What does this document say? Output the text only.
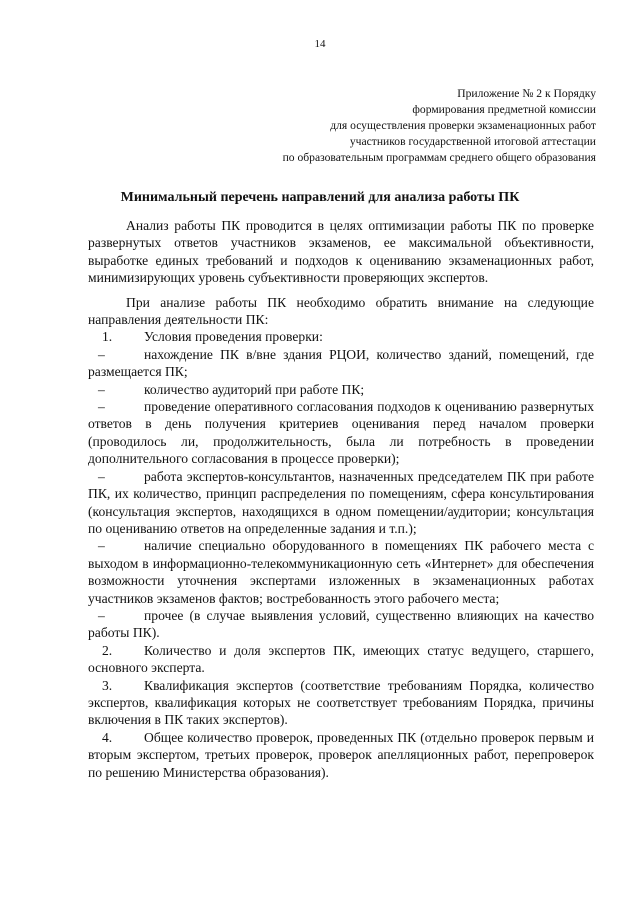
14
Приложение № 2 к Порядку
формирования предметной комиссии
для осуществления проверки экзаменационных работ
участников государственной итоговой аттестации
по образовательным программам среднего общего образования
Минимальный перечень направлений для анализа работы ПК

Анализ работы ПК проводится в целях оптимизации работы ПК по проверке развернутых ответов участников экзаменов, ее максимальной объективности, выработке единых требований и подходов к оцениванию экзаменационных работ, минимизирующих уровень субъективности проверяющих экспертов.

При анализе работы ПК необходимо обратить внимание на следующие направления деятельности ПК:

1. Условия проведения проверки:

–	нахождение ПК в/вне здания РЦОИ, количество зданий, помещений, где размещается ПК;

–	количество аудиторий при работе ПК;

–	проведение оперативного согласования подходов к оцениванию развернутых ответов в день получения критериев оценивания перед началом проверки (проводилось ли, продолжительность, была ли потребность в проведении дополнительного согласования в процессе проверки);

–	работа экспертов-консультантов, назначенных председателем ПК при работе ПК, их количество, принцип распределения по помещениям, сфера консультирования (консультация экспертов, находящихся в одном помещении/аудитории; консультация по оцениванию ответов на определенные задания и т.п.);

–	наличие специально оборудованного в помещениях ПК рабочего места с выходом в информационно-телекоммуникационную сеть «Интернет» для обеспечения возможности уточнения экспертами изложенных в экзаменационных работах участников экзаменов фактов; востребованность этого рабочего места;

–	прочее (в случае выявления условий, существенно влияющих на качество работы ПК).

2. Количество и доля экспертов ПК, имеющих статус ведущего, старшего, основного эксперта.

3. Квалификация экспертов (соответствие требованиям Порядка, количество экспертов, квалификация которых не соответствует требованиям Порядка, причины включения в ПК таких экспертов).

4. Общее количество проверок, проведенных ПК (отдельно проверок первым и вторым экспертом, третьих проверок, проверок апелляционных работ, перепроверок по решению Министерства образования).
